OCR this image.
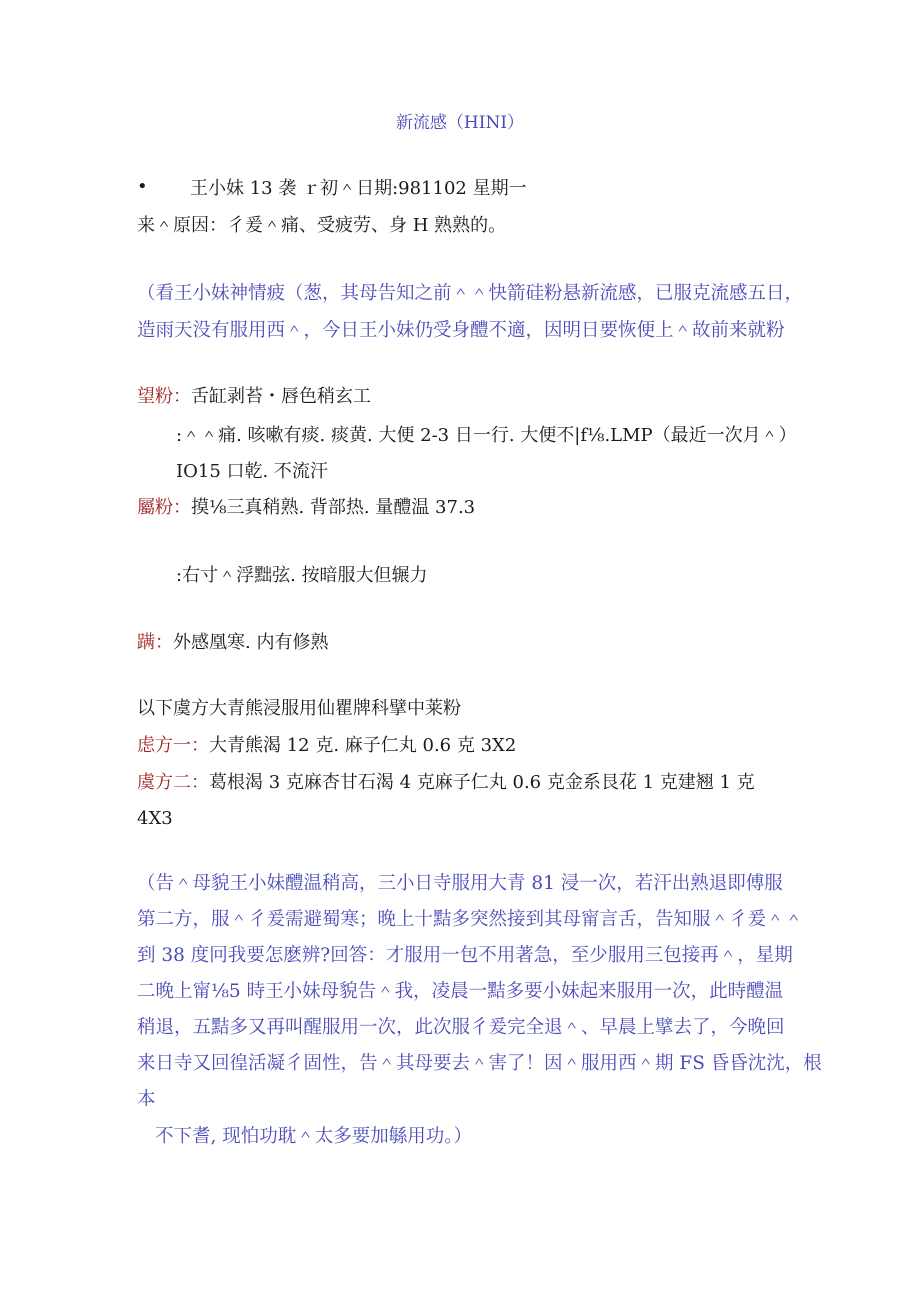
新流感（HINI）
• 王小妹 13 袭 ｒ初＾日期:981102 星期一
来＾原因：彳爰＾痛、受疲劳、身 H 熟熟的。
（看王小妹神情疲（葱，其母告知之前＾＾快箭硅粉悬新流感，已服克流感五日，
造雨天没有服用西＾，今日王小妹仍受身醴不適，因明日要恢便上＾故前来就粉
望粉：舌缸剥苔・唇色稍玄工
:＾＾痛. 咳嗽有痰. 痰黄. 大便 2-3 日一行. 大便不|f⅛.LMP（最近一次月＾）
IO15 口乾. 不流汗
屬粉：摸⅛三真稍熟. 背部热. 量醴温 37.3
:右寸＾浮黜弦. 按暗服大但辗力
蹒：外感凰寒. 内有修熟
以下虞方大青熊浸服用仙瞿牌科擘中莱粉
虑方一：大青熊渴 12 克. 麻子仁丸 0.6 克 3X2
虞方二：葛根渴 3 克麻杏甘石渴 4 克麻子仁丸 0.6 克金系艮花 1 克建翘 1 克
4X3
（告＾母貌王小妹醴温稍高，三小日寺服用大青 81 浸一次，若汗出熟退即傅服
第二方，服＾彳爰需避蜀寒；晚上十黠多突然接到其母甯言舌，告知服＾彳爰＾＾
到 38 度冋我要怎麽辨?回答：才服用一包不用著急，至少服用三包接再＾，星期
二晚上甯⅛5 時王小妹母貌告＾我，凌晨一黠多要小妹起来服用一次，此時醴温
稍退，五黠多又再叫醒服用一次，此次服彳爰完全退＾、早晨上擘去了，今晚回
来日寺又回徨活凝彳固性，告＾其母要去＾害了！因＾服用西＾期 FS 昏昏沈沈，根
本
不下耆, 现怕功耽＾太多要加緐用功。）
